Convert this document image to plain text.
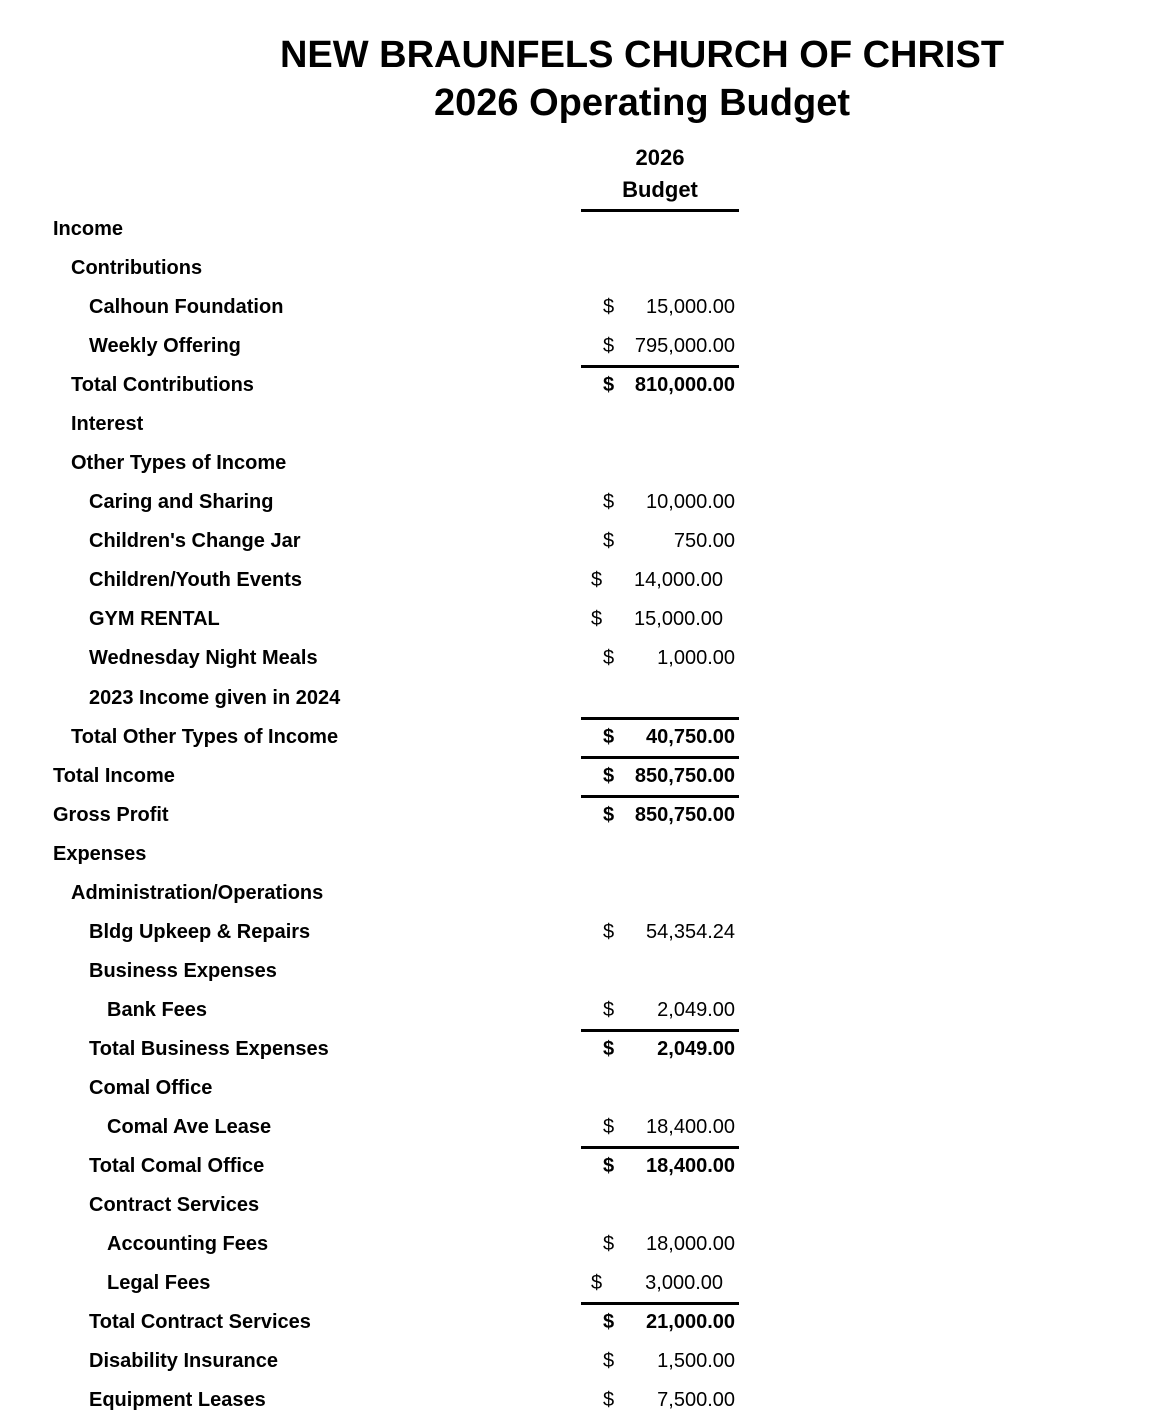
NEW BRAUNFELS CHURCH OF CHRIST
2026 Operating Budget
2026
Budget
Income
Contributions
Calhoun Foundation	$ 15,000.00
Weekly Offering	$ 795,000.00
Total Contributions	$ 810,000.00
Interest
Other Types of Income
Caring and Sharing	$ 10,000.00
Children's Change Jar	$	750.00
Children/Youth Events	$ 14,000.00
GYM RENTAL	$ 15,000.00
Wednesday Night Meals	$ 1,000.00
2023 Income given in 2024
Total Other Types of Income	$ 40,750.00
Total Income	$ 850,750.00
Gross Profit	$ 850,750.00
Expenses
Administration/Operations
Bldg Upkeep & Repairs	$ 54,354.24
Business Expenses
Bank Fees	$ 2,049.00
Total Business Expenses	$ 2,049.00
Comal Office
Comal Ave Lease	$ 18,400.00
Total Comal Office	$ 18,400.00
Contract Services
Accounting Fees	$ 18,000.00
Legal Fees	$ 3,000.00
Total Contract Services	$ 21,000.00
Disability Insurance	$ 1,500.00
Equipment Leases	$ 7,500.00
